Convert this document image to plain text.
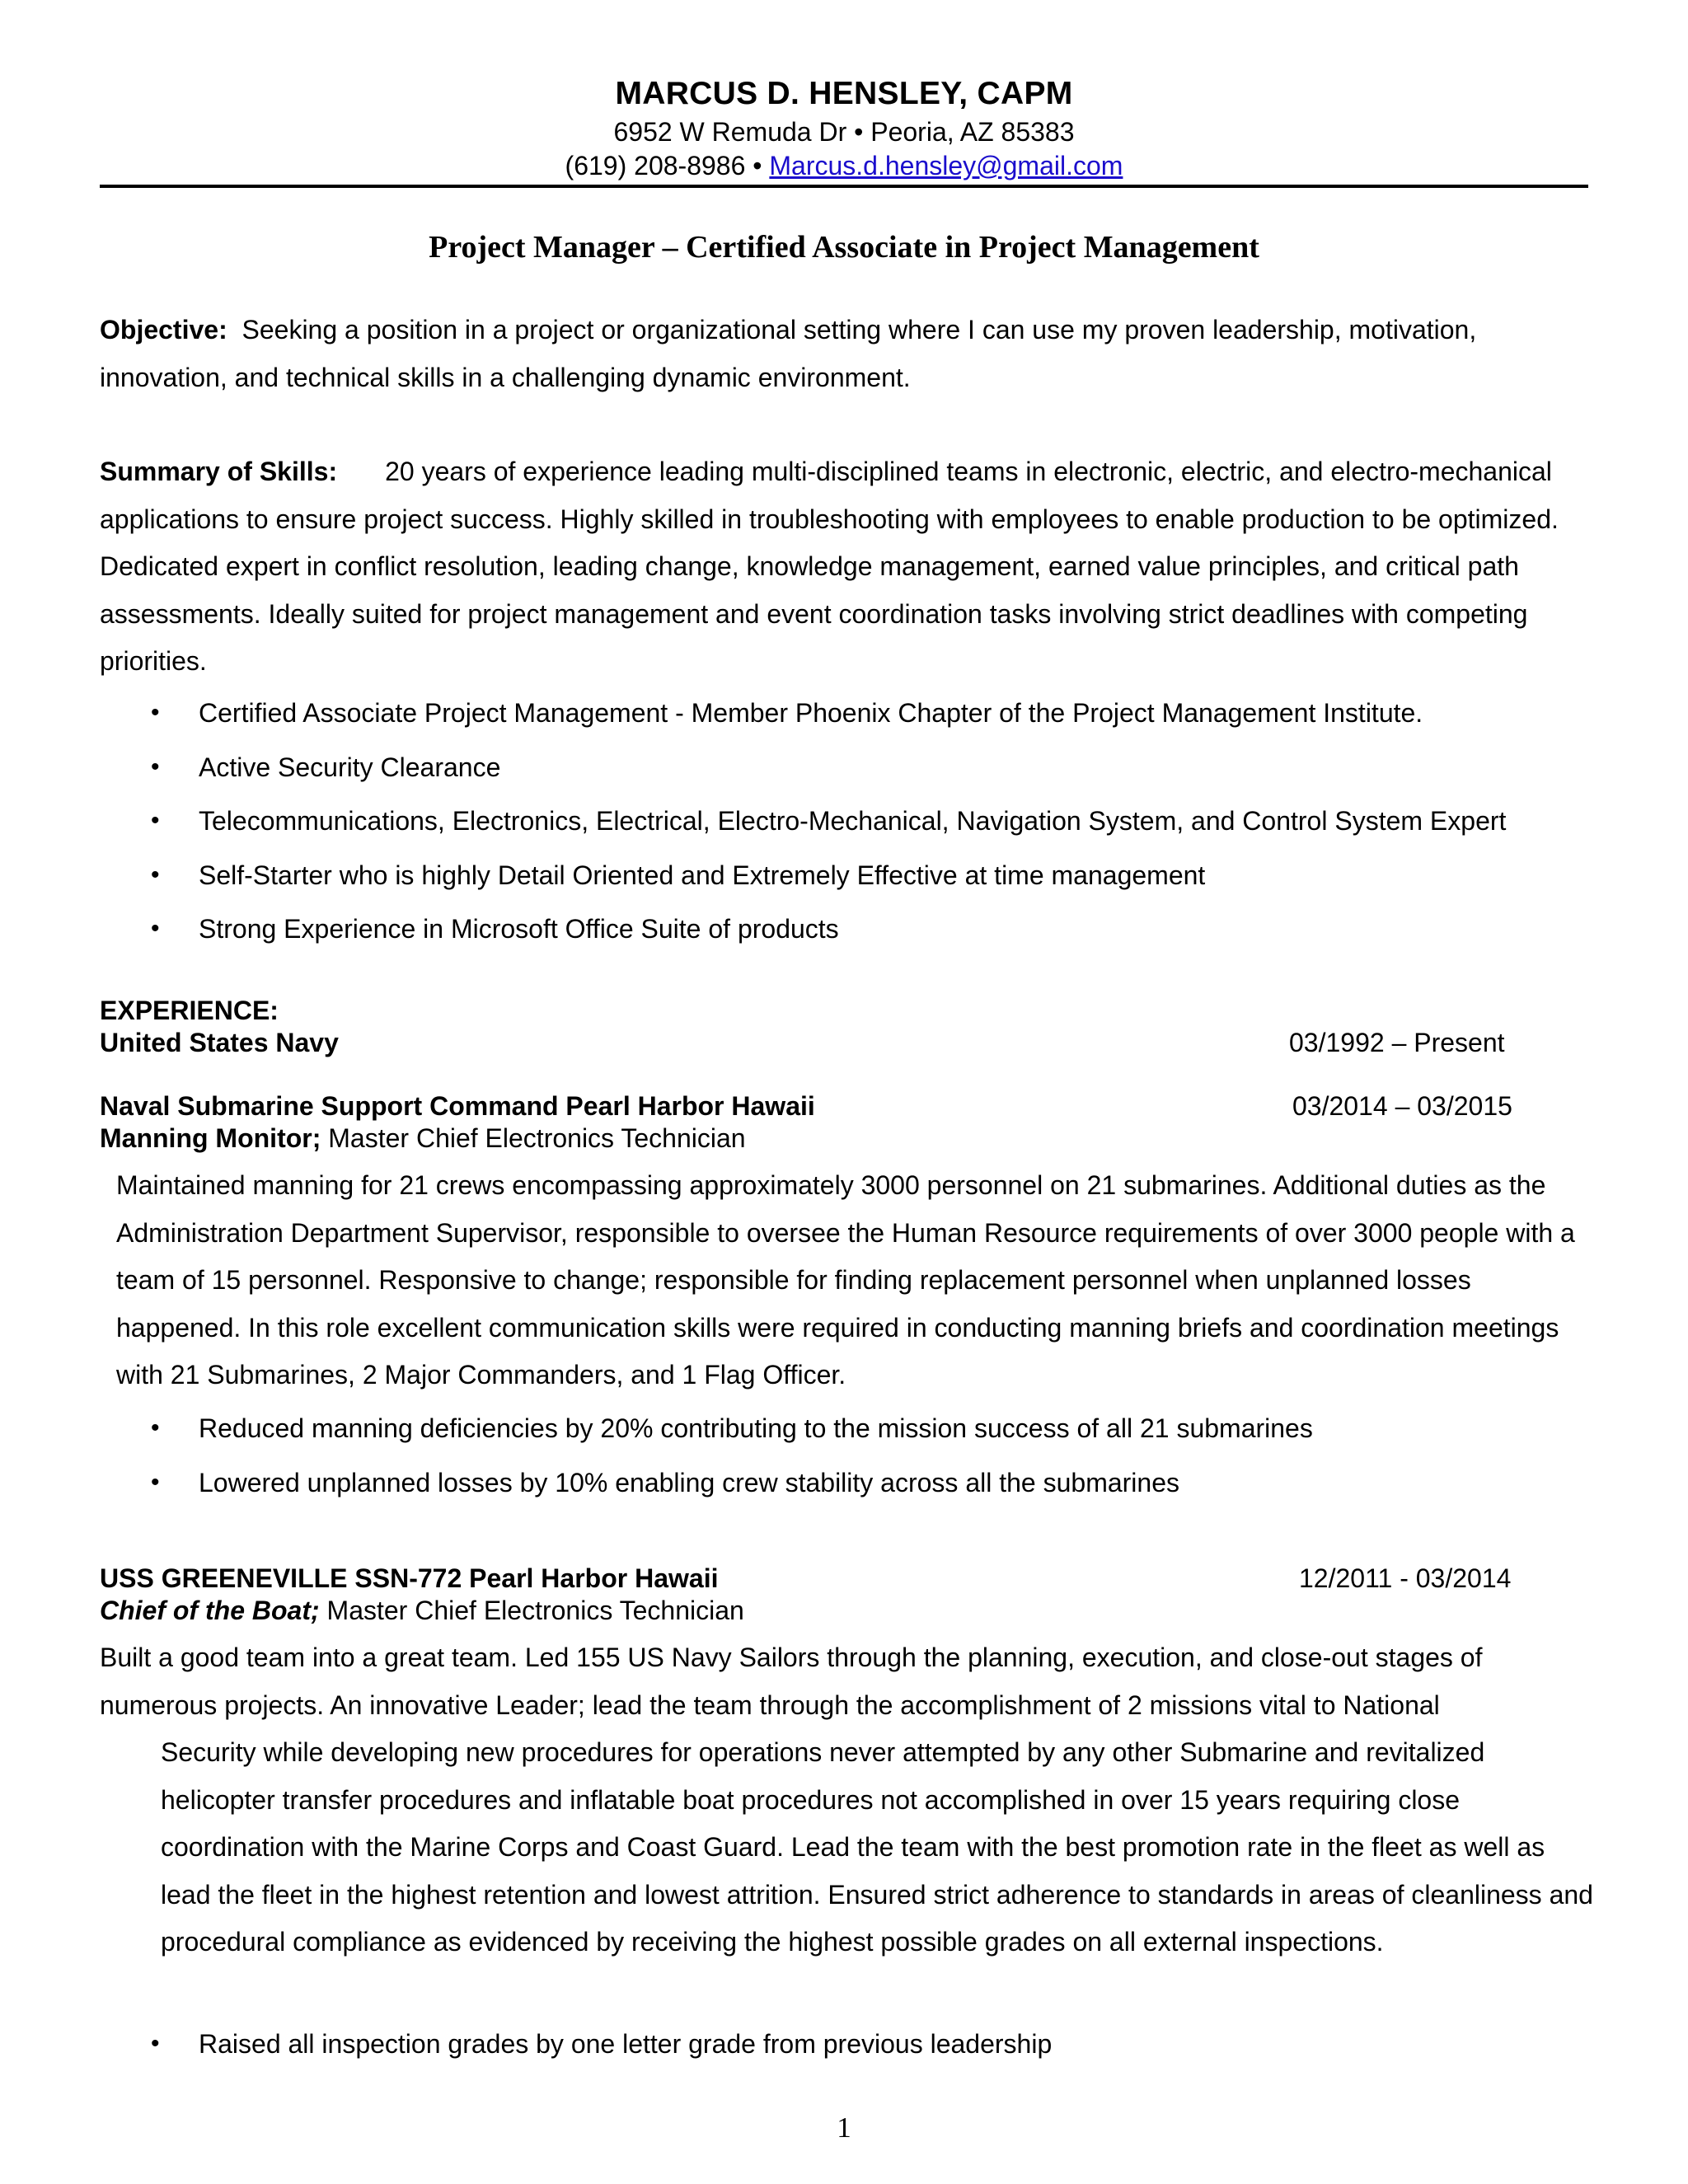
MARCUS D. HENSLEY, CAPM
6952 W Remuda Dr • Peoria, AZ 85383
(619) 208-8986 • Marcus.d.hensley@gmail.com
Project Manager – Certified Associate in Project Management

Objective: Seeking a position in a project or organizational setting where I can use my proven leadership, motivation, innovation, and technical skills in a challenging dynamic environment.

Summary of Skills: 20 years of experience leading multi-disciplined teams in electronic, electric, and electro-mechanical applications to ensure project success. Highly skilled in troubleshooting with employees to enable production to be optimized. Dedicated expert in conflict resolution, leading change, knowledge management, earned value principles, and critical path assessments. Ideally suited for project management and event coordination tasks involving strict deadlines with competing priorities.

• Certified Associate Project Management - Member Phoenix Chapter of the Project Management Institute.
• Active Security Clearance
• Telecommunications, Electronics, Electrical, Electro-Mechanical, Navigation System, and Control System Expert
• Self-Starter who is highly Detail Oriented and Extremely Effective at time management
• Strong Experience in Microsoft Office Suite of products
EXPERIENCE:
United States Navy	03/1992 – Present
Naval Submarine Support Command Pearl Harbor Hawaii	03/2014 – 03/2015
Manning Monitor; Master Chief Electronics Technician

Maintained manning for 21 crews encompassing approximately 3000 personnel on 21 submarines. Additional duties as the Administration Department Supervisor, responsible to oversee the Human Resource requirements of over 3000 people with a team of 15 personnel. Responsive to change; responsible for finding replacement personnel when unplanned losses happened. In this role excellent communication skills were required in conducting manning briefs and coordination meetings with 21 Submarines, 2 Major Commanders, and 1 Flag Officer.

• Reduced manning deficiencies by 20% contributing to the mission success of all 21 submarines
• Lowered unplanned losses by 10% enabling crew stability across all the submarines
USS GREENEVILLE SSN-772 Pearl Harbor Hawaii	12/2011 - 03/2014
Chief of the Boat; Master Chief Electronics Technician

Built a good team into a great team. Led 155 US Navy Sailors through the planning, execution, and close-out stages of numerous projects. An innovative Leader; lead the team through the accomplishment of 2 missions vital to National

Security while developing new procedures for operations never attempted by any other Submarine and revitalized helicopter transfer procedures and inflatable boat procedures not accomplished in over 15 years requiring close coordination with the Marine Corps and Coast Guard. Lead the team with the best promotion rate in the fleet as well as lead the fleet in the highest retention and lowest attrition. Ensured strict adherence to standards in areas of cleanliness and procedural compliance as evidenced by receiving the highest possible grades on all external inspections.

• Raised all inspection grades by one letter grade from previous leadership
1
